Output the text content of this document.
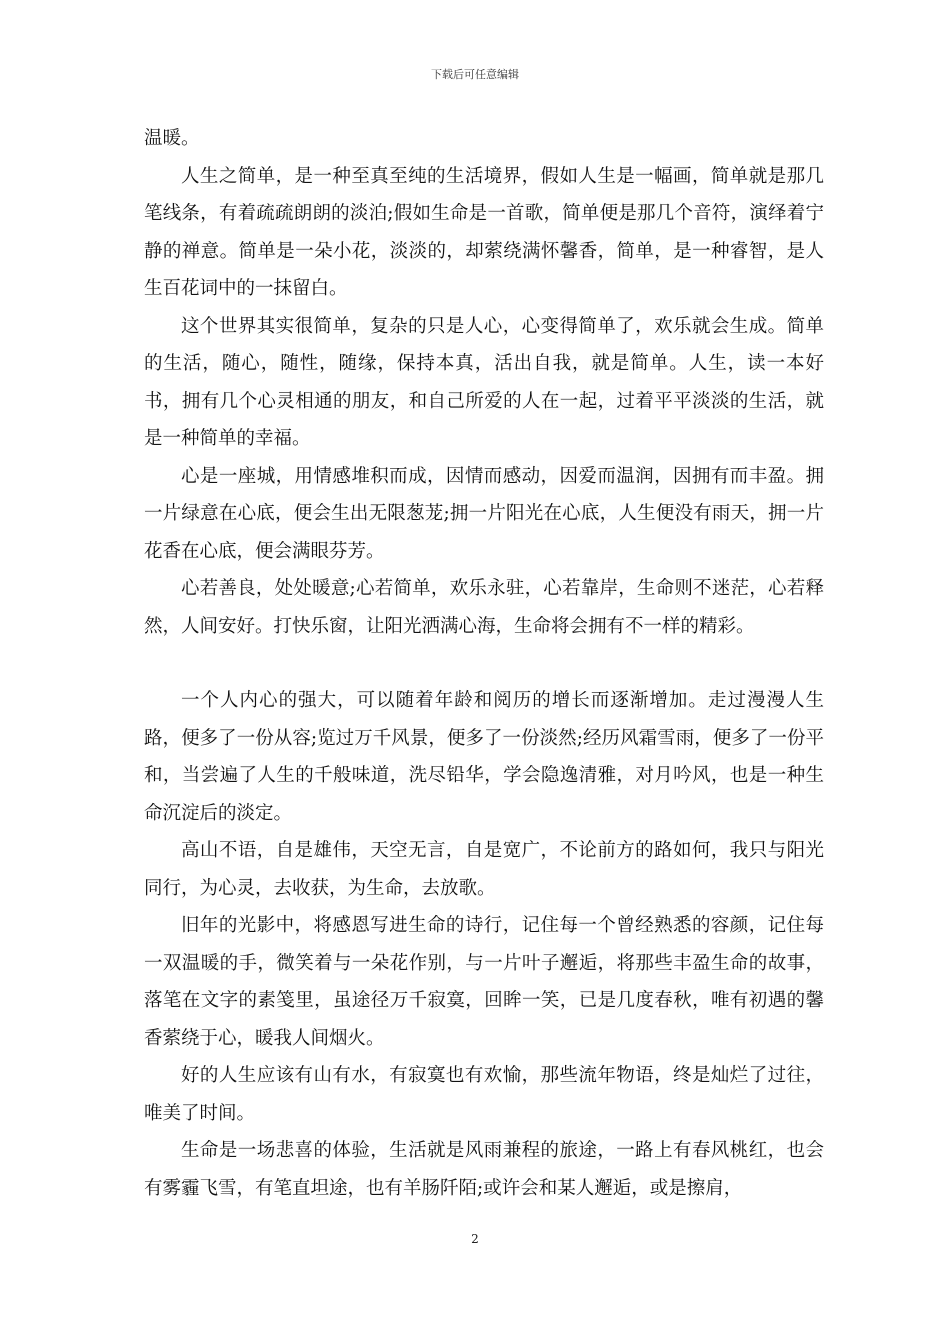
下载后可任意编辑

温暖。

人生之简单，是一种至真至纯的生活境界，假如人生是一幅画，简单就是那几笔线条，有着疏疏朗朗的淡泊;假如生命是一首歌，简单便是那几个音符，演绎着宁静的禅意。简单是一朵小花，淡淡的，却萦绕满怀馨香，简单，是一种睿智，是人生百花词中的一抹留白。

这个世界其实很简单，复杂的只是人心，心变得简单了，欢乐就会生成。简单的生活，随心，随性，随缘，保持本真，活出自我，就是简单。人生，读一本好书，拥有几个心灵相通的朋友，和自己所爱的人在一起，过着平平淡淡的生活，就是一种简单的幸福。

心是一座城，用情感堆积而成，因情而感动，因爱而温润，因拥有而丰盈。拥一片绿意在心底，便会生出无限葱茏;拥一片阳光在心底，人生便没有雨天，拥一片花香在心底，便会满眼芬芳。

心若善良，处处暖意;心若简单，欢乐永驻，心若靠岸，生命则不迷茫，心若释然，人间安好。打快乐窗，让阳光洒满心海，生命将会拥有不一样的精彩。

一个人内心的强大，可以随着年龄和阅历的增长而逐渐增加。走过漫漫人生路，便多了一份从容;览过万千风景，便多了一份淡然;经历风霜雪雨，便多了一份平和，当尝遍了人生的千般味道，洗尽铅华，学会隐逸清雅，对月吟风，也是一种生命沉淀后的淡定。

高山不语，自是雄伟，天空无言，自是宽广，不论前方的路如何，我只与阳光同行，为心灵，去收获，为生命，去放歌。

旧年的光影中，将感恩写进生命的诗行，记住每一个曾经熟悉的容颜，记住每一双温暖的手，微笑着与一朵花作别，与一片叶子邂逅，将那些丰盈生命的故事，落笔在文字的素笺里，虽途径万千寂寞，回眸一笑，已是几度春秋，唯有初遇的馨香萦绕于心，暖我人间烟火。

好的人生应该有山有水，有寂寞也有欢愉，那些流年物语，终是灿烂了过往，唯美了时间。

生命是一场悲喜的体验，生活就是风雨兼程的旅途，一路上有春风桃红，也会有雾霾飞雪，有笔直坦途，也有羊肠阡陌;或许会和某人邂逅，或是擦肩，

2
